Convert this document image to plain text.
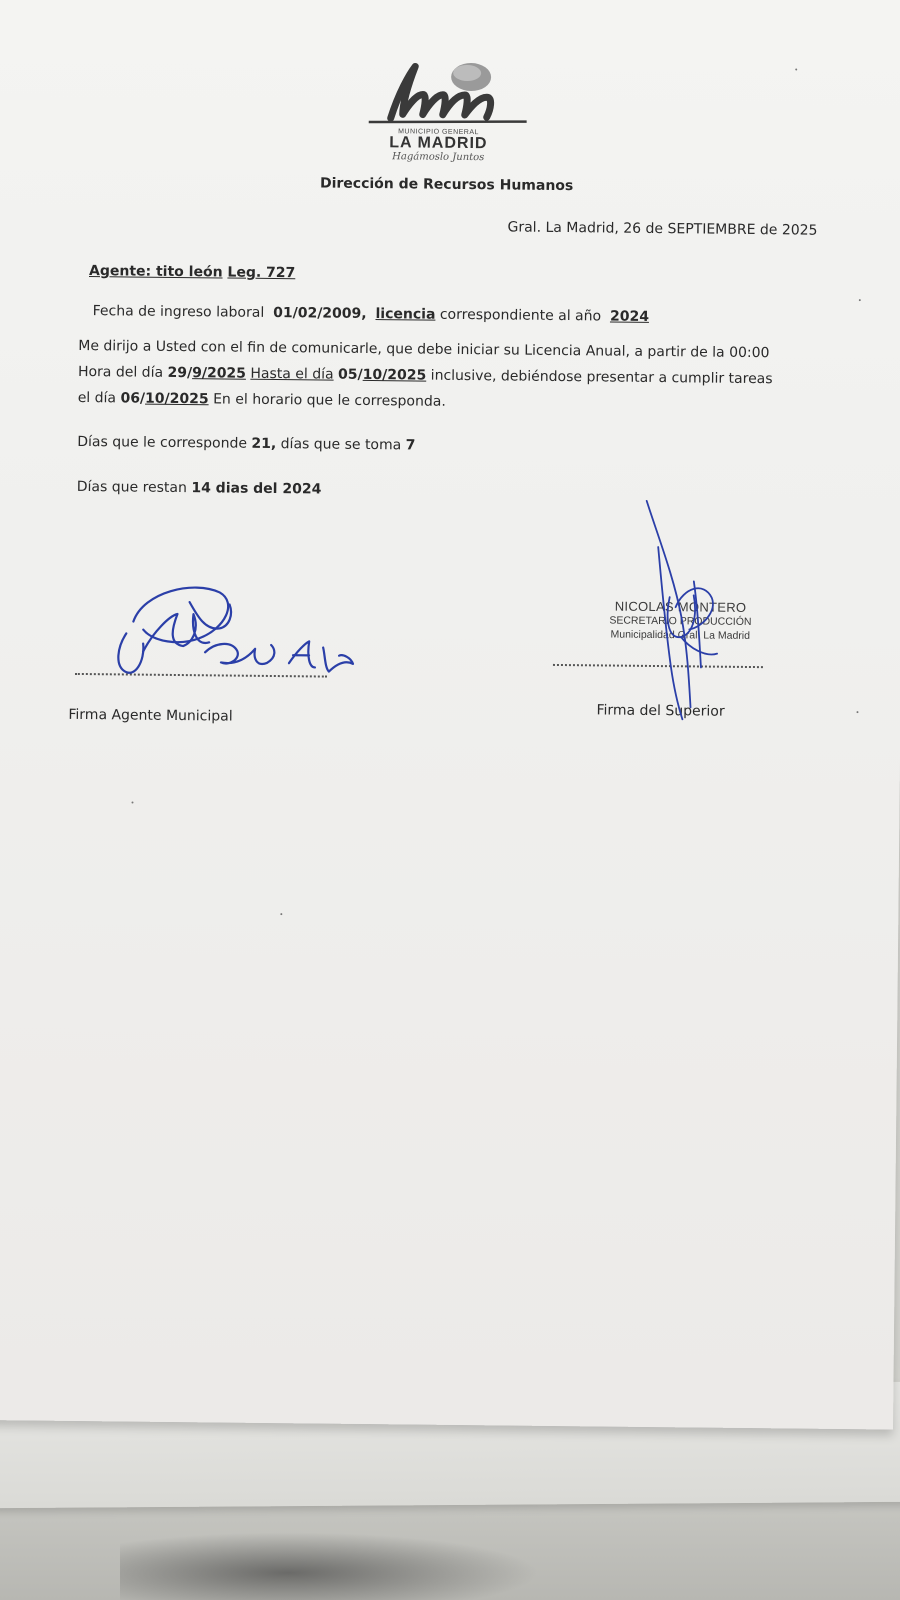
MUNICIPIO GENERAL
LA MADRID
Hagámoslo Juntos
Dirección de Recursos Humanos
Gral. La Madrid, 26 de SEPTIEMBRE de 2025
Agente: tito león Leg. 727
Fecha de ingreso laboral 01/02/2009, licencia correspondiente al año 2024
Me dirijo a Usted con el fin de comunicarle, que debe iniciar su Licencia Anual, a partir de la 00:00
Hora del día 29/9/2025 Hasta el día 05/10/2025 inclusive, debiéndose presentar a cumplir tareas
el día 06/10/2025 En el horario que le corresponda.
Días que le corresponde 21, días que se toma 7
Días que restan 14 dias del 2024
NICOLAS MONTERO
SECRETARIO PRODUCCIÓN
Municipalidad Gral. La Madrid
Firma Agente Municipal	Firma del Superior
